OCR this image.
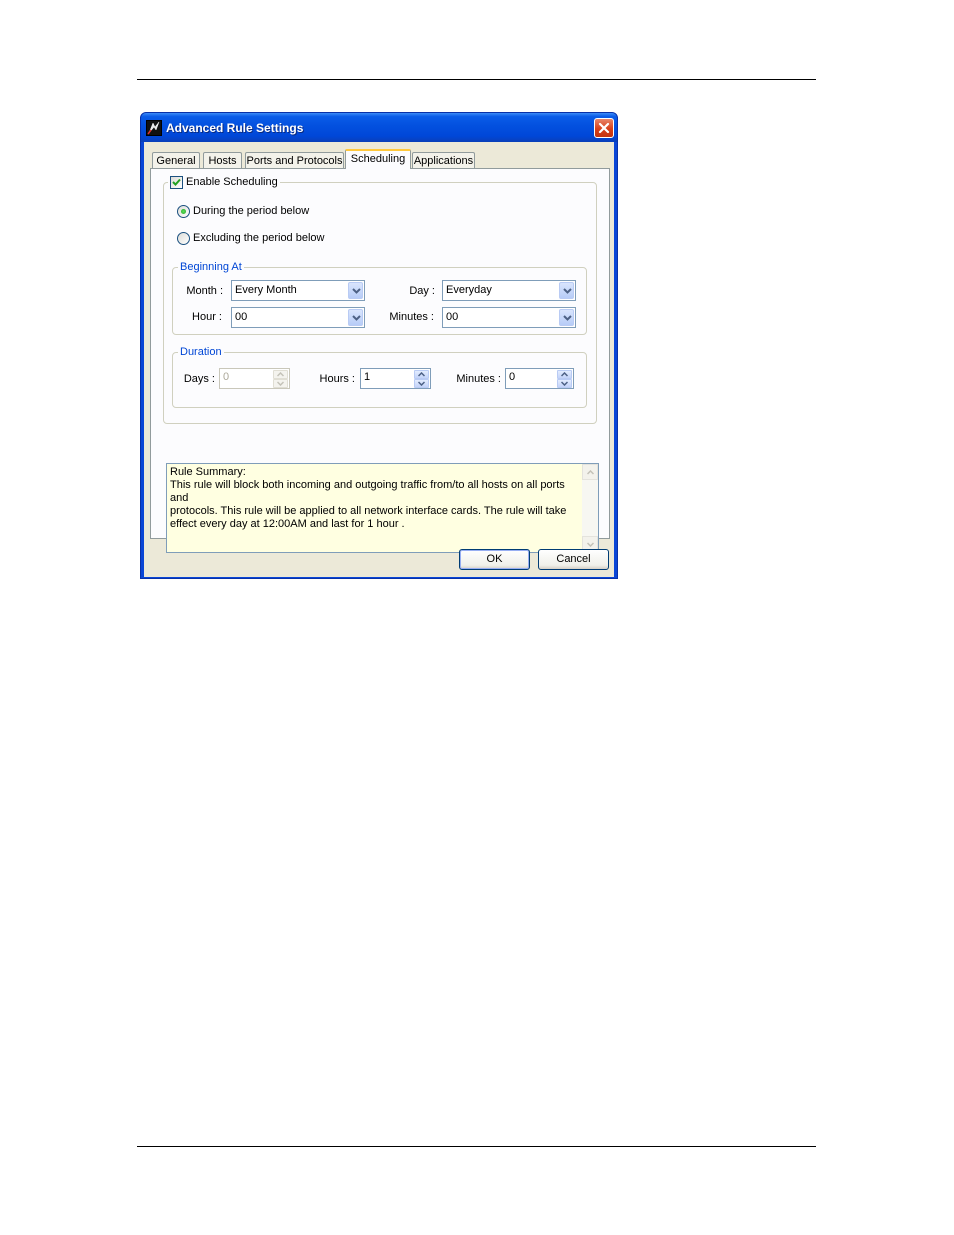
Advanced Rule Settings
General	Hosts Ports and Protocols Scheduling Applications
Beginning At
Month : Every Month	Day : Everyday
Hour : 00	Minutes : 00
Duration
Days : 0	Hours : 1	Minutes : 0
Enable Scheduling
During the period below
Excluding the period below
Rule Summary:
This rule will block both incoming and outgoing traffic from/to all hosts on all ports and
protocols. This rule will be applied to all network interface cards. The rule will take
effect every day at 12:00AM and last for 1 hour .
OK	Cancel
